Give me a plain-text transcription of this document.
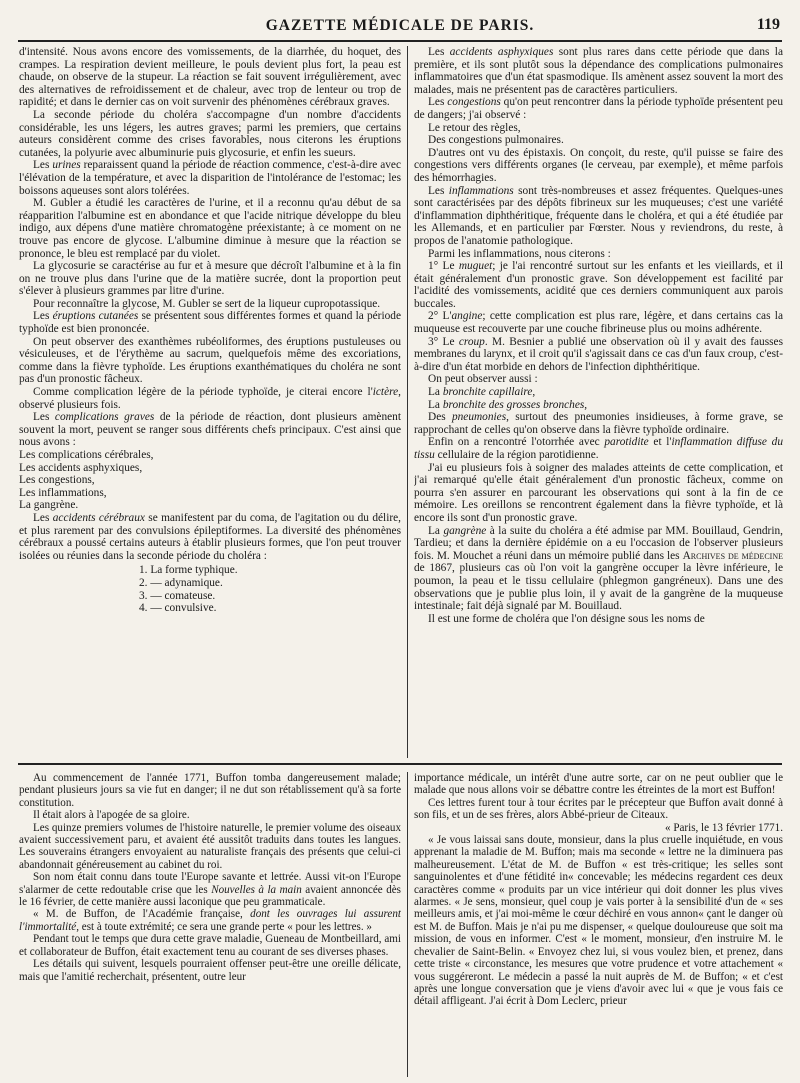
GAZETTE MÉDICALE DE PARIS.	119

d'intensité. Nous avons encore des vomissements, de la diarrhée, du hoquet, des crampes. La respiration devient meilleure, le pouls devient plus fort, la peau est chaude, on observe de la stupeur. La réaction se fait souvent irrégulièrement, avec des alternatives de refroidissement et de chaleur, avec trop de lenteur ou trop de rapidité; et dans le dernier cas on voit survenir des phénomènes cérébraux graves.

La seconde période du choléra s'accompagne d'un nombre d'accidents considérable, les uns légers, les autres graves; parmi les premiers, que certains auteurs considèrent comme des crises favorables, nous citerons les éruptions cutanées, la polyurie avec albuminurie puis glycosurie, et enfin les sueurs.

Les urines reparaissent quand la période de réaction commence, c'est-à-dire avec l'élévation de la température, et avec la disparition de l'intolérance de l'estomac; les boissons aqueuses sont alors tolérées.

M. Gubler a étudié les caractères de l'urine, et il a reconnu qu'au début de sa réapparition l'albumine est en abondance et que l'acide nitrique développe du bleu indigo, aux dépens d'une matière chromatogène préexistante; à ce moment on ne trouve pas encore de glycose. L'albumine diminue à mesure que la réaction se prononce, le bleu est remplacé par du violet.

La glycosurie se caractérise au fur et à mesure que décroît l'albumine et à la fin on ne trouve plus dans l'urine que de la matière sucrée, dont la proportion peut s'élever à plusieurs grammes par litre d'urine.

Pour reconnaître la glycose, M. Gubler se sert de la liqueur cupropotassique.

Les éruptions cutanées se présentent sous différentes formes et quand la période typhoïde est bien prononcée.

On peut observer des exanthèmes rubéoliformes, des éruptions pustuleuses ou vésiculeuses, et de l'érythème au sacrum, quelquefois même des excoriations, comme dans la fièvre typhoïde. Les éruptions exanthématiques du choléra ne sont pas d'un pronostic fâcheux.

Comme complication légère de la période typhoïde, je citerai encore l'ictère, observé plusieurs fois.

Les complications graves de la période de réaction, dont plusieurs amènent souvent la mort, peuvent se ranger sous différents chefs principaux. C'est ainsi que nous avons :

Les complications cérébrales,

Les accidents asphyxiques,

Les congestions,

Les inflammations,

La gangrène.

Les accidents cérébraux se manifestent par du coma, de l'agitation ou du délire, et plus rarement par des convulsions épileptiformes. La diversité des phénomènes cérébraux a poussé certains auteurs à établir plusieurs formes, que l'on peut trouver isolées ou réunies dans la seconde période du choléra :

1. La forme typhique.
2. — adynamique.
3. — comateuse.
4. — convulsive.

Les accidents asphyxiques sont plus rares dans cette période que dans la première, et ils sont plutôt sous la dépendance des complications pulmonaires inflammatoires que d'un état spasmodique. Ils amènent assez souvent la mort des malades, mais ne présentent pas de caractères particuliers.

Les congestions qu'on peut rencontrer dans la période typhoïde présentent peu de dangers; j'ai observé :

Le retour des règles,

Des congestions pulmonaires.

D'autres ont vu des épistaxis. On conçoit, du reste, qu'il puisse se faire des congestions vers différents organes (le cerveau, par exemple), et même parfois des hémorrhagies.

Les inflammations sont très-nombreuses et assez fréquentes. Quelques-unes sont caractérisées par des dépôts fibrineux sur les muqueuses; c'est une variété d'inflammation diphthéritique, fréquente dans le choléra, et qui a été étudiée par les Allemands, et en particulier par Fœrster. Nous y reviendrons, du reste, à propos de l'anatomie pathologique.

Parmi les inflammations, nous citerons :

1° Le muguet; je l'ai rencontré surtout sur les enfants et les vieillards, et il était généralement d'un pronostic grave. Son développement est facilité par l'acidité des vomissements, acidité que ces derniers communiquent aux parois buccales.

2° L'angine; cette complication est plus rare, légère, et dans certains cas la muqueuse est recouverte par une couche fibrineuse plus ou moins adhérente.

3° Le croup. M. Besnier a publié une observation où il y avait des fausses membranes du larynx, et il croit qu'il s'agissait dans ce cas d'un faux croup, c'est-à-dire d'un état morbide en dehors de l'infection diphthéritique.

On peut observer aussi :

La bronchite capillaire,

La bronchite des grosses bronches,

Des pneumonies, surtout des pneumonies insidieuses, à forme grave, se rapprochant de celles qu'on observe dans la fièvre typhoïde ordinaire.

Enfin on a rencontré l'otorrhée avec parotidite et l'inflammation diffuse du tissu cellulaire de la région parotidienne.

J'ai eu plusieurs fois à soigner des malades atteints de cette complication, et j'ai remarqué qu'elle était généralement d'un pronostic fâcheux, comme on pourra s'en assurer en parcourant les observations qui sont à la fin de ce mémoire. Les oreillons se rencontrent également dans la fièvre typhoïde, et là encore ils sont d'un pronostic grave.

La gangrène à la suite du choléra a été admise par MM. Bouillaud, Gendrin, Tardieu; et dans la dernière épidémie on a eu l'occasion de l'observer plusieurs fois. M. Mouchet a réuni dans un mémoire publié dans les Archives de médecine de 1867, plusieurs cas où l'on voit la gangrène occuper la lèvre inférieure, le poumon, la peau et le tissu cellulaire (phlegmon gangréneux). Dans une des observations que je publie plus loin, il y avait de la gangrène de la muqueuse intestinale; fait déjà signalé par M. Bouillaud.

Il est une forme de choléra que l'on désigne sous les noms de

Au commencement de l'année 1771, Buffon tomba dangereusement malade; pendant plusieurs jours sa vie fut en danger; il ne dut son rétablissement qu'à sa forte constitution.

Il était alors à l'apogée de sa gloire.

Les quinze premiers volumes de l'histoire naturelle, le premier volume des oiseaux avaient successivement paru, et avaient été aussitôt traduits dans toutes les langues. Les souverains étrangers envoyaient au naturaliste français des présents que celui-ci abandonnait généreusement au cabinet du roi.

Son nom était connu dans toute l'Europe savante et lettrée. Aussi vit-on l'Europe s'alarmer de cette redoutable crise que les Nouvelles à la main avaient annoncée dès le 16 février, de cette manière aussi laconique que peu grammaticale.

« M. de Buffon, de l'Académie française, dont les ouvrages lui assurent l'immortalité, est à toute extrémité; ce sera une grande perte « pour les lettres. »

Pendant tout le temps que dura cette grave maladie, Gueneau de Montbeillard, ami et collaborateur de Buffon, était exactement tenu au courant de ses diverses phases.

Les détails qui suivent, lesquels pourraient offenser peut-être une oreille délicate, mais que l'amitié recherchait, présentent, outre leur

importance médicale, un intérêt d'une autre sorte, car on ne peut oublier que le malade que nous allons voir se débattre contre les étreintes de la mort est Buffon!

Ces lettres furent tour à tour écrites par le précepteur que Buffon avait donné à son fils, et un de ses frères, alors Abbé-prieur de Citeaux.

« Paris, le 13 février 1771.

« Je vous laissai sans doute, monsieur, dans la plus cruelle inquiétude, en vous apprenant la maladie de M. Buffon; mais ma seconde « lettre ne la diminuera pas malheureusement. L'état de M. de Buffon « est très-critique; les selles sont sanguinolentes et d'une fétidité in« concevable; les médecins regardent ces deux caractères comme « produits par un vice intérieur qui doit donner les plus vives alarmes. « Je sens, monsieur, quel coup je vais porter à la sensibilité d'un de « ses meilleurs amis, et j'ai moi-même le cœur déchiré en vous annon« çant le danger où est M. de Buffon. Mais je n'ai pu me dispenser, « quelque douloureuse que soit ma mission, de vous en informer. C'est « le moment, monsieur, d'en instruire M. le chevalier de Saint-Belin. « Envoyez chez lui, si vous voulez bien, et prenez, dans cette triste « circonstance, les mesures que votre prudence et votre attachement « vous suggéreront. Le médecin a passé la nuit auprès de M. de Buffon; « et c'est après une longue conversation que je viens d'avoir avec lui « que je vous fais ce détail affligeant. J'ai écrit à Dom Leclerc, prieur
